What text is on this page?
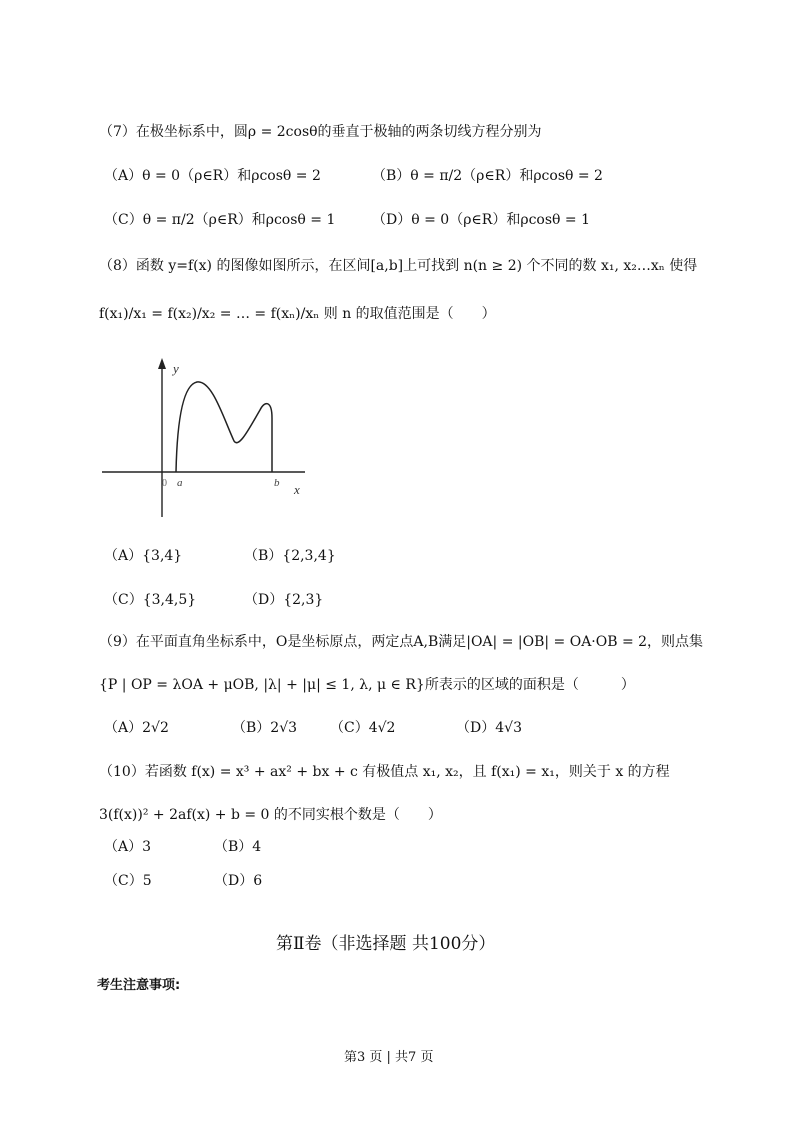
（7）在极坐标系中，圆ρ = 2cosθ的垂直于极轴的两条切线方程分别为
（A）θ = 0（ρ∈R）和ρcosθ = 2	（B）θ = π/2（ρ∈R）和ρcosθ = 2
（C）θ = π/2（ρ∈R）和ρcosθ = 1	（D）θ = 0（ρ∈R）和ρcosθ = 1
（8）函数 y=f(x) 的图像如图所示，在区间[a,b]上可找到 n(n ≥ 2) 个不同的数 x₁, x₂…xₙ 使得
f(x₁)/x₁ = f(x₂)/x₂ = … = f(xₙ)/xₙ 则 n 的取值范围是（　　）
y
x
0 a	b
（A）{3,4}	（B）{2,3,4}
（C）{3,4,5}	（D）{2,3}
（9）在平面直角坐标系中，O是坐标原点，两定点A,B满足|OA| = |OB| = OA·OB = 2，则点集
{P | OP = λOA + μOB, |λ| + |μ| ≤ 1, λ, μ ∈ R}所表示的区域的面积是（　　　）
（A）2√2	（B）2√3 （C）4√2	（D）4√3
（10）若函数 f(x) = x³ + ax² + bx + c 有极值点 x₁, x₂，且 f(x₁) = x₁，则关于 x 的方程
3(f(x))² + 2af(x) + b = 0 的不同实根个数是（　　）
（A）3	（B）4
（C）5	（D）6
第Ⅱ卷（非选择题 共100分）
考生注意事项:
第3 页 | 共7 页
